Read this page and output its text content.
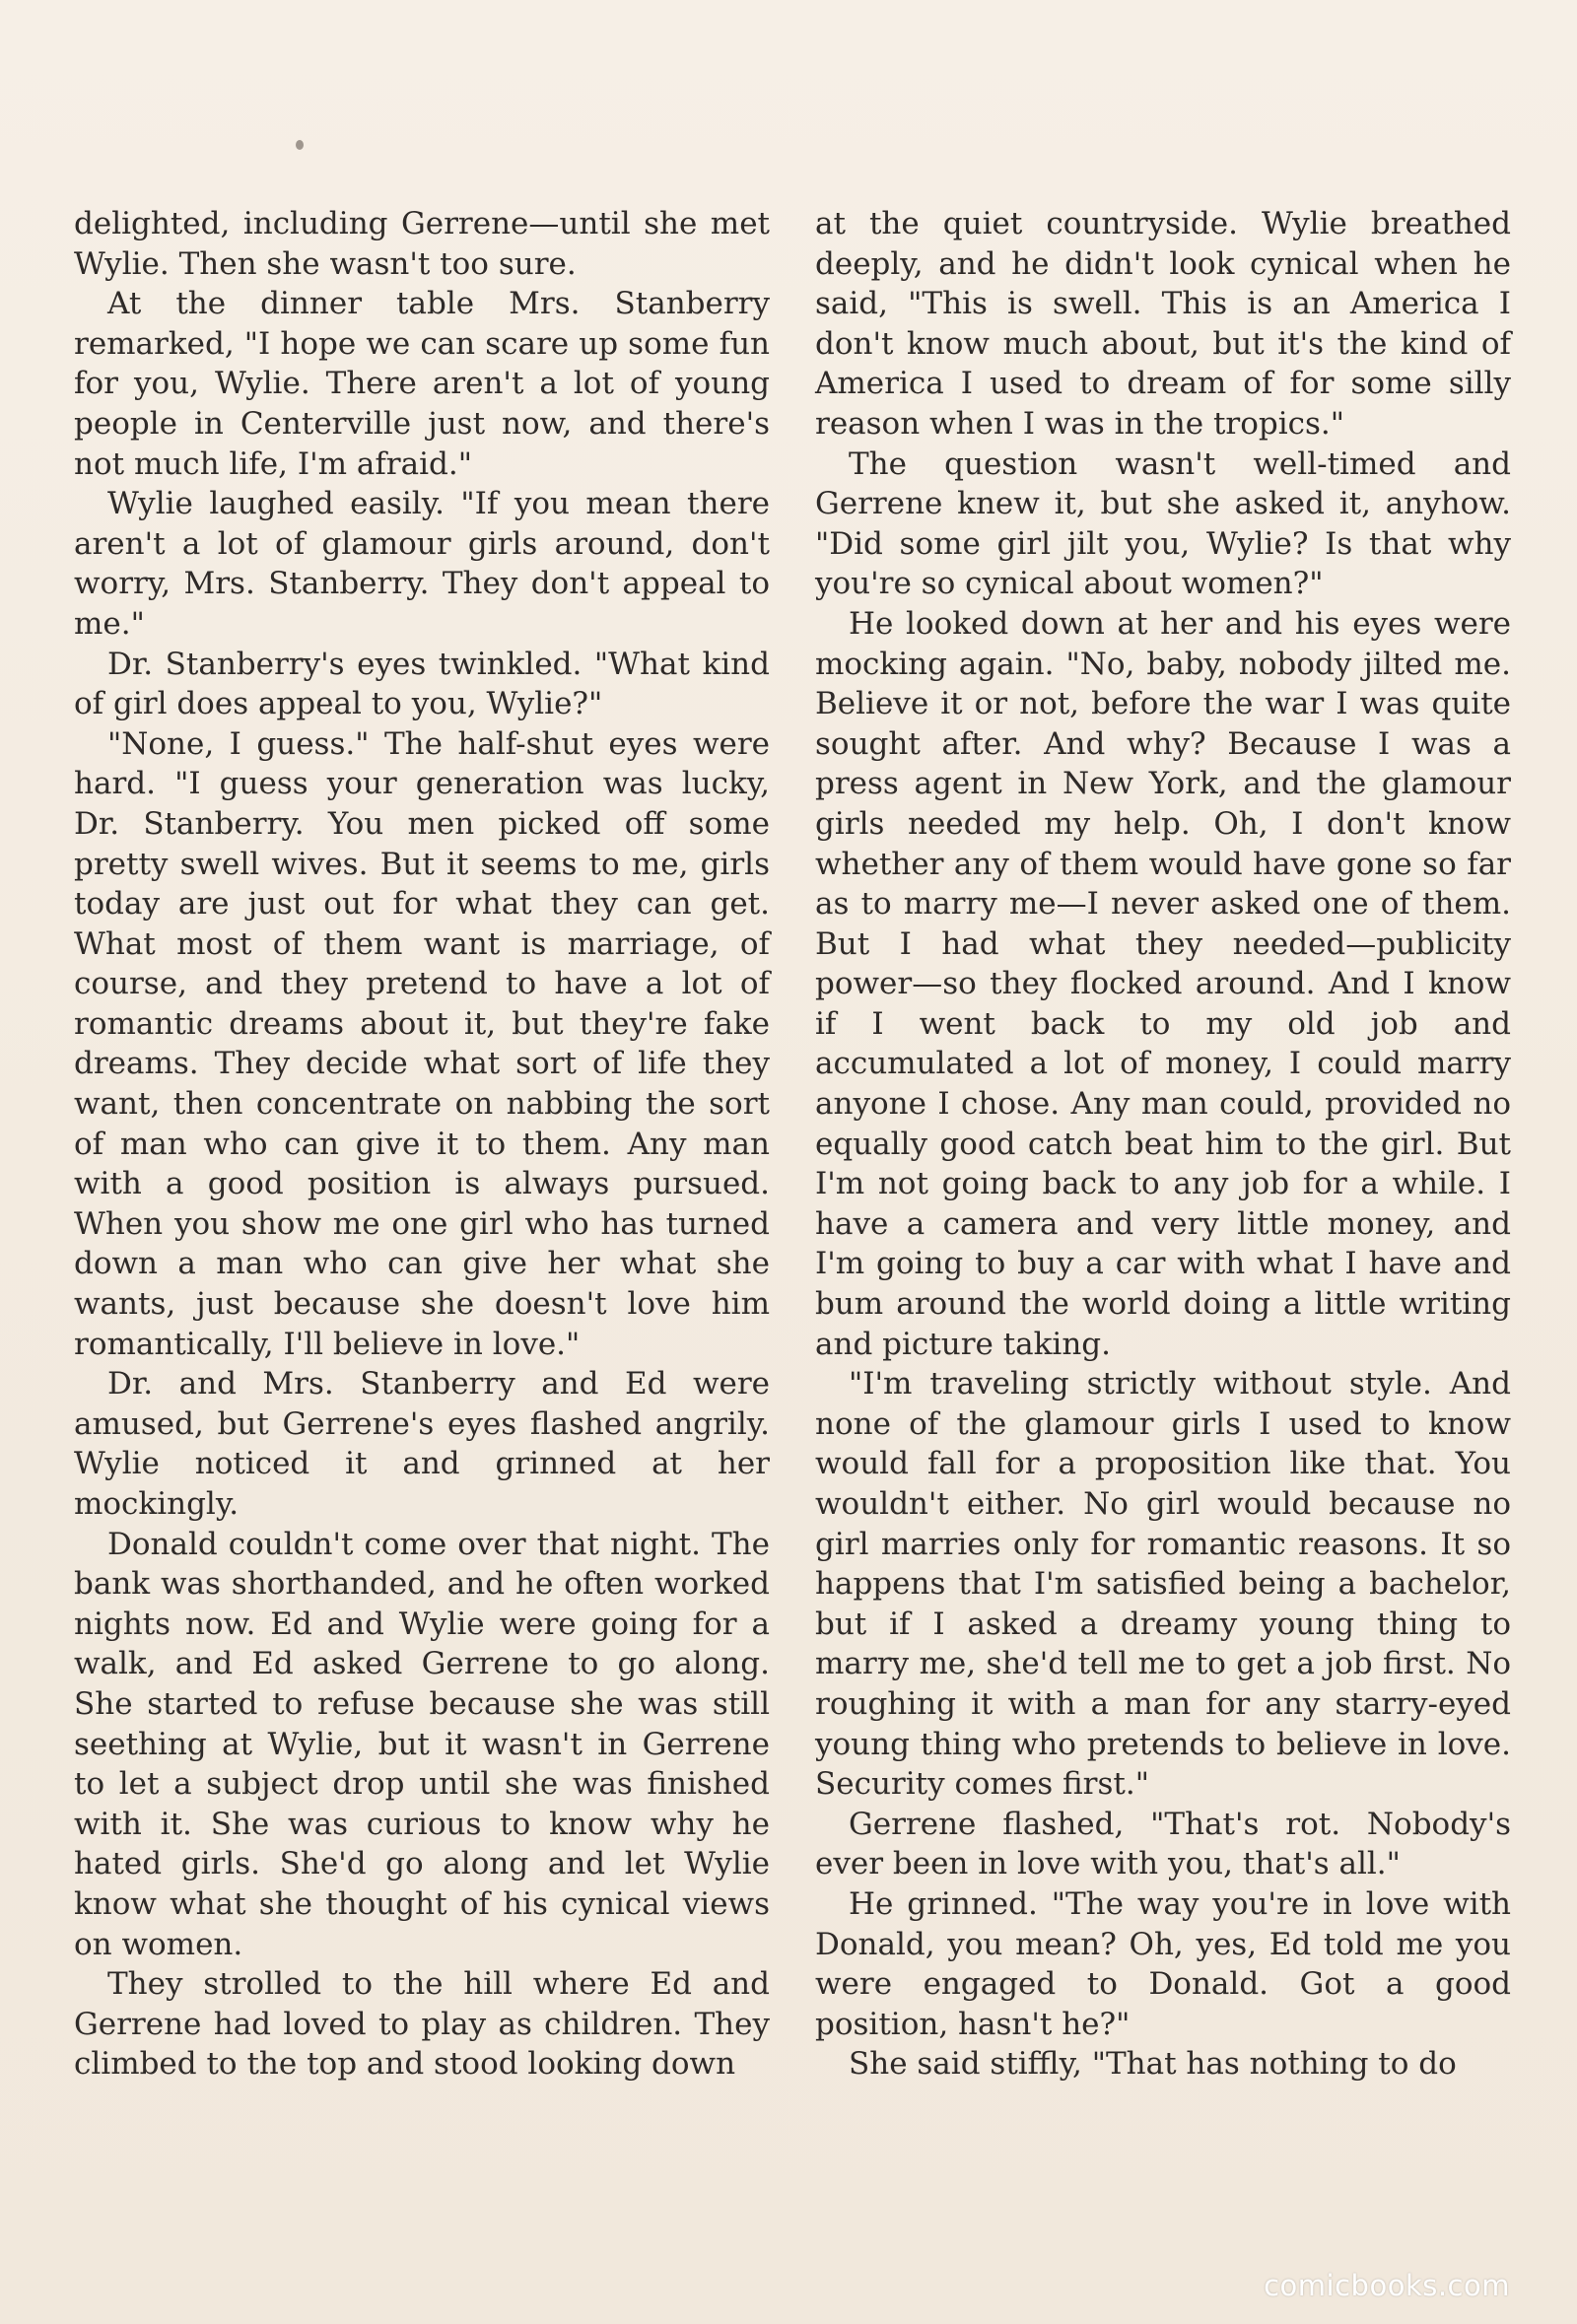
delighted, including Gerrene—until she met Wylie. Then she wasn't too sure.

At the dinner table Mrs. Stanberry remarked, "I hope we can scare up some fun for you, Wylie. There aren't a lot of young people in Centerville just now, and there's not much life, I'm afraid."

Wylie laughed easily. "If you mean there aren't a lot of glamour girls around, don't worry, Mrs. Stanberry. They don't appeal to me."

Dr. Stanberry's eyes twinkled. "What kind of girl does appeal to you, Wylie?"

"None, I guess." The half-shut eyes were hard. "I guess your generation was lucky, Dr. Stanberry. You men picked off some pretty swell wives. But it seems to me, girls today are just out for what they can get. What most of them want is marriage, of course, and they pretend to have a lot of romantic dreams about it, but they're fake dreams. They decide what sort of life they want, then concentrate on nabbing the sort of man who can give it to them. Any man with a good position is always pursued. When you show me one girl who has turned down a man who can give her what she wants, just because she doesn't love him romantically, I'll believe in love."

Dr. and Mrs. Stanberry and Ed were amused, but Gerrene's eyes flashed angrily. Wylie noticed it and grinned at her mockingly.

Donald couldn't come over that night. The bank was shorthanded, and he often worked nights now. Ed and Wylie were going for a walk, and Ed asked Gerrene to go along. She started to refuse because she was still seething at Wylie, but it wasn't in Gerrene to let a subject drop until she was finished with it. She was curious to know why he hated girls. She'd go along and let Wylie know what she thought of his cynical views on women.

They strolled to the hill where Ed and Gerrene had loved to play as children. They climbed to the top and stood looking down

at the quiet countryside. Wylie breathed deeply, and he didn't look cynical when he said, "This is swell. This is an America I don't know much about, but it's the kind of America I used to dream of for some silly reason when I was in the tropics."

The question wasn't well-timed and Gerrene knew it, but she asked it, anyhow. "Did some girl jilt you, Wylie? Is that why you're so cynical about women?"

He looked down at her and his eyes were mocking again. "No, baby, nobody jilted me. Believe it or not, before the war I was quite sought after. And why? Because I was a press agent in New York, and the glamour girls needed my help. Oh, I don't know whether any of them would have gone so far as to marry me—I never asked one of them. But I had what they needed—publicity power—so they flocked around. And I know if I went back to my old job and accumulated a lot of money, I could marry anyone I chose. Any man could, provided no equally good catch beat him to the girl. But I'm not going back to any job for a while. I have a camera and very little money, and I'm going to buy a car with what I have and bum around the world doing a little writing and picture taking.

"I'm traveling strictly without style. And none of the glamour girls I used to know would fall for a proposition like that. You wouldn't either. No girl would because no girl marries only for romantic reasons. It so happens that I'm satisfied being a bachelor, but if I asked a dreamy young thing to marry me, she'd tell me to get a job first. No roughing it with a man for any starry-eyed young thing who pretends to believe in love. Security comes first."

Gerrene flashed, "That's rot. Nobody's ever been in love with you, that's all."

He grinned. "The way you're in love with Donald, you mean? Oh, yes, Ed told me you were engaged to Donald. Got a good position, hasn't he?"

She said stiffly, "That has nothing to do

comicbooks.com
